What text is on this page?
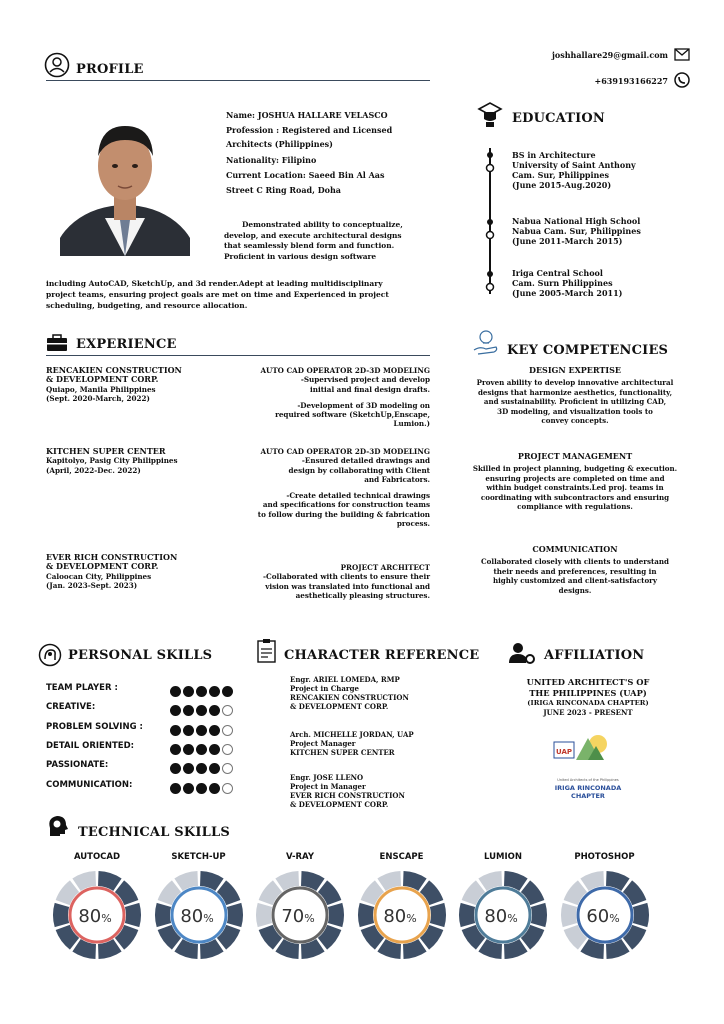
joshhallare29@gmail.com
+639193166227
PROFILE
Name: JOSHUA HALLARE VELASCO
Profession : Registered and Licensed
Architects (Philippines)
Nationality: Filipino
Current Location: Saeed Bin Al Aas
Street C Ring Road, Doha
Demonstrated ability to conceptualize,
develop, and execute architectural designs
that seamlessly blend form and function.
Proficient in various design software
including AutoCAD, SketchUp, and 3d render.Adept at leading multidisciplinary
project teams, ensuring project goals are met on time and Experienced in project
scheduling, budgeting, and resource allocation.
EDUCATION
BS in Architecture
University of Saint Anthony
Cam. Sur, Philippines
(June 2015-Aug.2020)
Nabua National High School
Nabua Cam. Sur, Philippines
(June 2011-March 2015)
Iriga Central School
Cam. Surn Philippines
(June 2005-March 2011)
EXPERIENCE
RENCAKIEN CONSTRUCTION
& DEVELOPMENT CORP.
Quiapo, Manila Philippines
(Sept. 2020-March, 2022)
AUTO CAD OPERATOR 2D-3D MODELING
-Supervised project and develop
initial and final design drafts.
-Development of 3D modeling on
required software (SketchUp,Enscape,
Lumion.)
KITCHEN SUPER CENTER
Kapitolyo, Pasig City Philippines
(April, 2022-Dec. 2022)
AUTO CAD OPERATOR 2D-3D MODELING
-Ensured detailed drawings and
design by collaborating with Client
and Fabricators.
-Create detailed technical drawings
and specifications for construction teams
to follow during the building & fabrication
process.
EVER RICH CONSTRUCTION
& DEVELOPMENT CORP.
Caloocan City, Philippines
(Jan. 2023-Sept. 2023)
PROJECT ARCHITECT
-Collaborated with clients to ensure their
vision was translated into functional and
aesthetically pleasing structures.
KEY COMPETENCIES
DESIGN EXPERTISE
Proven ability to develop innovative architectural
designs that harmonize aesthetics, functionality,
and sustainability. Proficient in utilizing CAD,
3D modeling, and visualization tools to
convey concepts.
PROJECT MANAGEMENT
Skilled in project planning, budgeting & execution.
ensuring projects are completed on time and
within budget constraints.Led proj. teams in
coordinating with subcontractors and ensuring
compliance with regulations.
COMMUNICATION
Collaborated closely with clients to understand
their needs and preferences, resulting in
highly customized and client-satisfactory
designs.
PERSONAL SKILLS
TEAM PLAYER :
CREATIVE:
PROBLEM SOLVING :
DETAIL ORIENTED:
PASSIONATE:
COMMUNICATION:
CHARACTER REFERENCE
Engr. ARIEL LOMEDA, RMP
Project in Charge
RENCAKIEN CONSTRUCTION
& DEVELOPMENT CORP.
Arch. MICHELLE JORDAN, UAP
Project Manager
KITCHEN SUPER CENTER
Engr. JOSE LLENO
Project in Manager
EVER RICH CONSTRUCTION
& DEVELOPMENT CORP.
AFFILIATION
UNITED ARCHITECT'S OF
THE PHILIPPINES (UAP)
(IRIGA RINCONADA CHAPTER)
JUNE 2023 - PRESENT
UAP
United Architects of the Philippines
IRIGA RINCONADA CHAPTER
TECHNICAL SKILLS
AUTOCAD
80%
SKETCH-UP
80%
V-RAY
70%
ENSCAPE
80%
LUMION
80%
PHOTOSHOP
60%
